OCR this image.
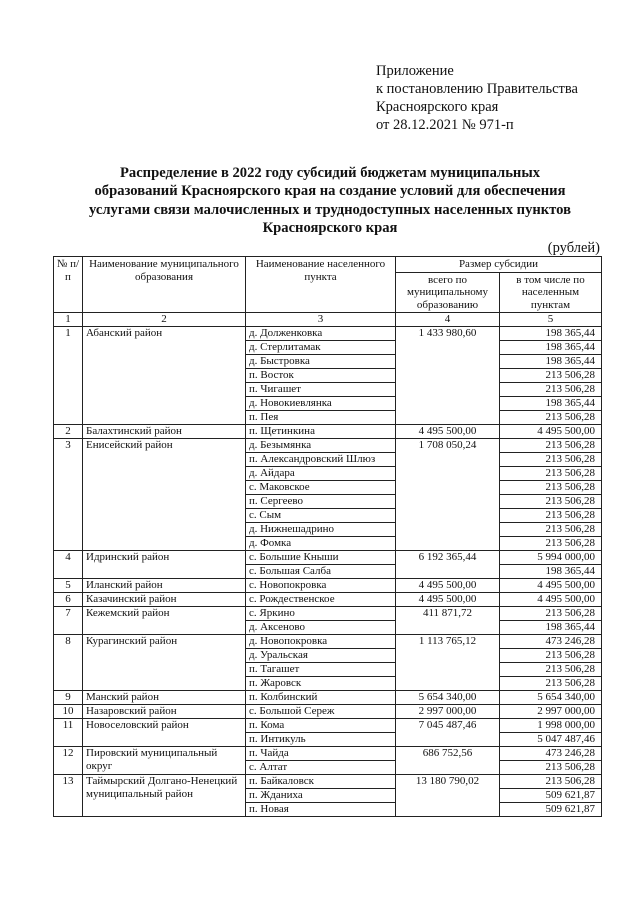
Приложение
к постановлению Правительства
Красноярского края
от 28.12.2021 № 971-п
Распределение в 2022 году субсидий бюджетам муниципальных
образований Красноярского края на создание условий для обеспечения
услугами связи малочисленных и труднодоступных населенных пунктов
Красноярского края
(рублей)
№ п/п	Наименование муниципального образования	Наименование населенного пункта	Размер субсидии	
			всего по муниципальному образованию	в том числе по населенным пунктам
1	2	3	4	5
1	Абанский район	д. Долженковка	1 433 980,60	198 365,44
		д. Стерлитамак		198 365,44
		д. Быстровка		198 365,44
		п. Восток		213 506,28
		п. Чигашет		213 506,28
		д. Новокиевлянка		198 365,44
		п. Пея		213 506,28
2	Балахтинский район	п. Щетинкина	4 495 500,00	4 495 500,00
3	Енисейский район	д. Безымянка	1 708 050,24	213 506,28
		п. Александровский Шлюз		213 506,28
		д. Айдара		213 506,28
		с. Маковское		213 506,28
		п. Сергеево		213 506,28
		с. Сым		213 506,28
		д. Нижнешадрино		213 506,28
		д. Фомка		213 506,28
4	Идринский район	с. Большие Кныши	6 192 365,44	5 994 000,00
		с. Большая Салба		198 365,44
5	Иланский район	с. Новопокровка	4 495 500,00	4 495 500,00
6	Казачинский район	с. Рождественское	4 495 500,00	4 495 500,00
7	Кежемский район	с. Яркино	411 871,72	213 506,28
		д. Аксеново		198 365,44
8	Курагинский район	д. Новопокровка	1 113 765,12	473 246,28
		д. Уральская		213 506,28
		п. Тагашет		213 506,28
		п. Жаровск		213 506,28
9	Манский район	п. Колбинский	5 654 340,00	5 654 340,00
10	Назаровский район	с. Большой Сереж	2 997 000,00	2 997 000,00
11	Новоселовский район	п. Кома	7 045 487,46	1 998 000,00
		п. Интикуль		5 047 487,46
12	Пировский муниципальный округ	п. Чайда	686 752,56	473 246,28
		с. Алтат		213 506,28
13	Таймырский Долгано-Ненецкий муниципальный район	п. Байкаловск	13 180 790,02	213 506,28
		п. Жданиха		509 621,87
		п. Новая		509 621,87
